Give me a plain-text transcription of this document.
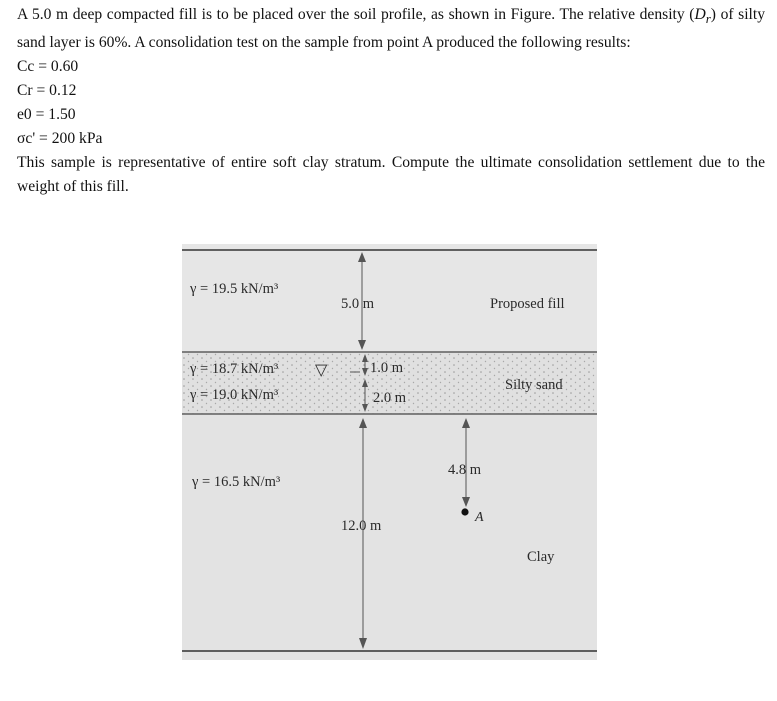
A 5.0 m deep compacted fill is to be placed over the soil profile, as shown in Figure. The relative density $(D_r)$ of silty sand layer is 60%. A consolidation test on the sample from point A produced the following results:

Cc = 0.60
Cr = 0.12
e0 = 1.50
σc' = 200 kPa

This sample is representative of entire soft clay stratum. Compute the ultimate consolidation settlement due to the weight of this fill.

γ = 19.5 kN/m³
5.0 m	Proposed fill
γ = 18.7 kN/m³ ▽	1.0 m
Silty sand
γ = 19.0 kN/m³	2.0 m
4.8 m
γ = 16.5 kN/m³
A
12.0 m
Clay
